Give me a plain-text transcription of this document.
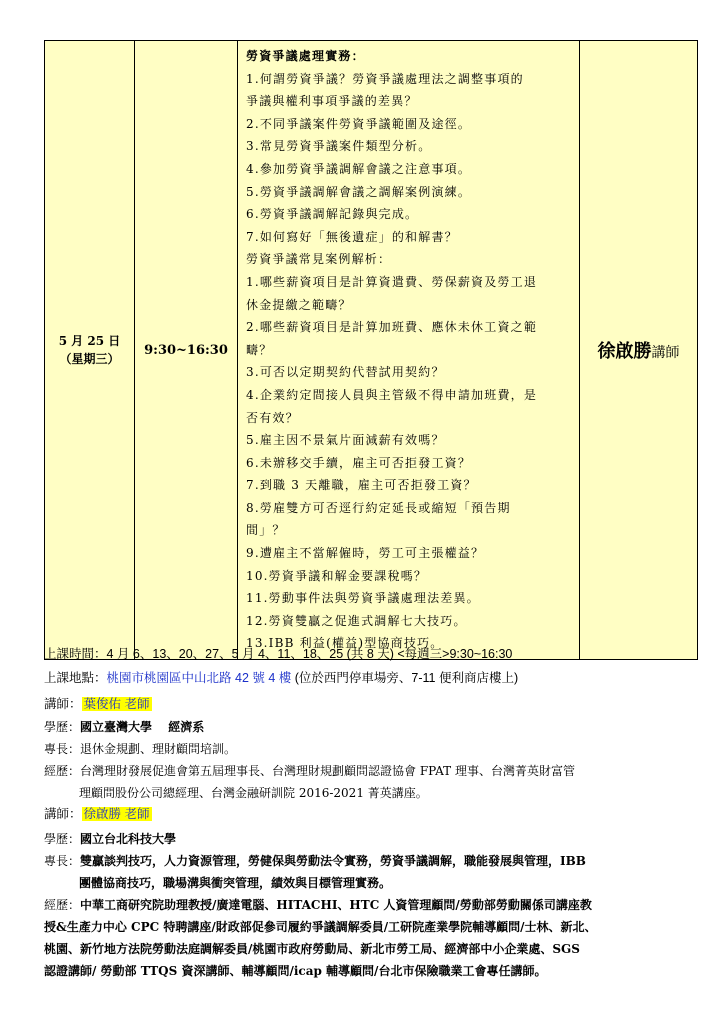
5 月 25 日
（星期三）
	9:30~16:30	
勞資爭議處理實務：
1.何謂勞資爭議？勞資爭議處理法之調整事項的
爭議與權利事項爭議的差異？
2.不同爭議案件勞資爭議範圍及途徑。
3.常見勞資爭議案件類型分析。
4.參加勞資爭議調解會議之注意事項。
5.勞資爭議調解會議之調解案例演練。
6.勞資爭議調解記錄與完成。
7.如何寫好「無後遺症」的和解書？
勞資爭議常見案例解析：
1.哪些薪資項目是計算資遣費、勞保薪資及勞工退
休金提繳之範疇？
2.哪些薪資項目是計算加班費、應休未休工資之範
疇？
3.可否以定期契約代替試用契約？
4.企業約定間接人員與主管級不得申請加班費，是
否有效？
5.雇主因不景氣片面減薪有效嗎？
6.未辦移交手續，雇主可否拒發工資？
7.到職 3 天離職，雇主可否拒發工資？
8.勞雇雙方可否逕行約定延長或縮短「預告期
間」？
9.遭雇主不當解僱時，勞工可主張權益？
10.勞資爭議和解金要課稅嗎？
11.勞動事件法與勞資爭議處理法差異。
12.勞資雙贏之促進式調解七大技巧。
13.IBB 利益(權益)型協商技巧。
	徐啟勝講師
上課時間：4 月 6、13、20、27、5 月 4、11、18、25 (共 8 天) <每週三>9:30~16:30
上課地點：桃園市桃園區中山北路 42 號 4 樓 (位於西門停車場旁、7-11 便利商店樓上)
講師： 葉俊佑 老師
學歷：國立臺灣大學　 經濟系
專長：退休金規劃、理財顧問培訓。
經歷：台灣理財發展促進會第五屆理事長、台灣理財規劃顧問認證協會 FPAT 理事、台灣菁英財富管
理顧問股份公司總經理、台灣金融研訓院 2016-2021 菁英講座。
講師： 徐啟勝 老師
學歷：國立台北科技大學
專長：雙贏談判技巧，人力資源管理，勞健保與勞動法令實務，勞資爭議調解，職能發展與管理，IBB
團體協商技巧，職場溝與衝突管理，績效與目標管理實務。
經歷：中華工商研究院助理教授/廣達電腦、HITACHI、HTC 人資管理顧問/勞動部勞動關係司講座教
授&生產力中心 CPC 特聘講座/財政部促參司履約爭議調解委員/工研院產業學院輔導顧問/士林、新北、
桃園、新竹地方法院勞動法庭調解委員/桃園市政府勞動局、新北市勞工局、經濟部中小企業處、SGS
認證講師/ 勞動部 TTQS 資深講師、輔導顧問/icap 輔導顧問/台北市保險職業工會專任講師。
